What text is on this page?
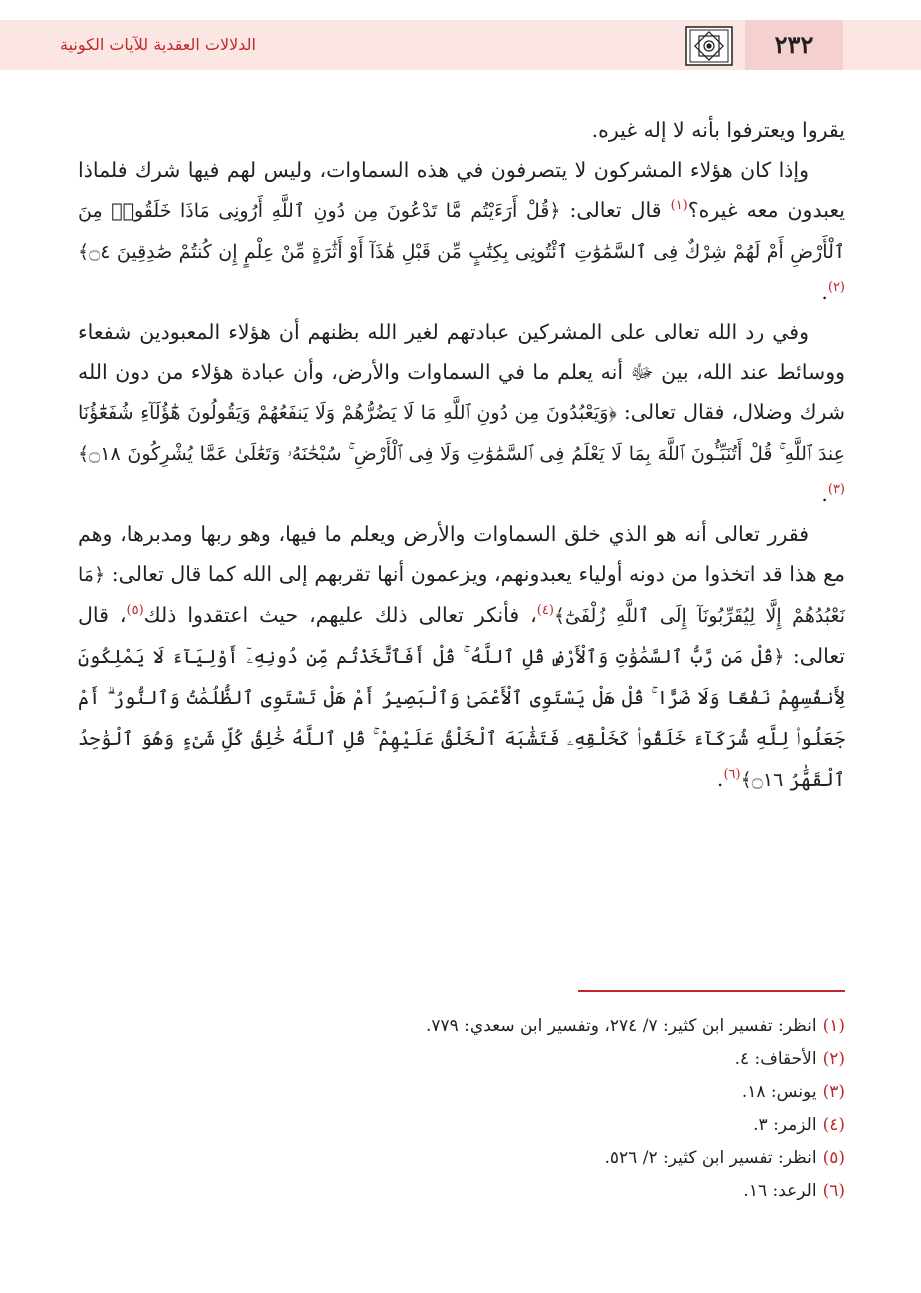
٢٣٢
الدلالات العقدية للآيات الكونية

يقروا ويعترفوا بأنه لا إله غيره.

وإذا كان هؤلاء المشركون لا يتصرفون في هذه السماوات، وليس لهم فيها شرك فلماذا يعبدون معه غيره؟$^{(١)}$ قال تعالى: ﴿قُلْ أَرَءَيْتُم مَّا تَدْعُونَ مِن دُونِ ٱللَّهِ أَرُونِى مَاذَا خَلَقُوا۟ مِنَ ٱلْأَرْضِ أَمْ لَهُمْ شِرْكٌ فِى ٱلسَّمَٰوَٰتِ ٱئْتُونِى بِكِتَٰبٍ مِّن قَبْلِ هَٰذَآ أَوْ أَثَٰرَةٍ مِّنْ عِلْمٍ إِن كُنتُمْ صَٰدِقِينَ ۝٤﴾$^{(٢)}$.

وفي رد الله تعالى على المشركين عبادتهم لغير الله بظنهم أن هؤلاء المعبودين شفعاء ووسائط عند الله، بين ﷻ أنه يعلم ما في السماوات والأرض، وأن عبادة هؤلاء من دون الله شرك وضلال، فقال تعالى: ﴿وَيَعْبُدُونَ مِن دُونِ ٱللَّهِ مَا لَا يَضُرُّهُمْ وَلَا يَنفَعُهُمْ وَيَقُولُونَ هَٰٓؤُلَآءِ شُفَعَٰٓؤُنَا عِندَ ٱللَّهِ ۚ قُلْ أَتُنَبِّـُٔونَ ٱللَّهَ بِمَا لَا يَعْلَمُ فِى ٱلسَّمَٰوَٰتِ وَلَا فِى ٱلْأَرْضِ ۚ سُبْحَٰنَهُۥ وَتَعَٰلَىٰ عَمَّا يُشْرِكُونَ ۝١٨﴾$^{(٣)}$.

فقرر تعالى أنه هو الذي خلق السماوات والأرض ويعلم ما فيها، وهو ربها ومدبرها، وهم مع هذا قد اتخذوا من دونه أولياء يعبدونهم، ويزعمون أنها تقربهم إلى الله كما قال تعالى: ﴿مَا نَعْبُدُهُمْ إِلَّا لِيُقَرِّبُونَآ إِلَى ٱللَّهِ زُلْفَىٰٓ﴾$^{(٤)}$، فأنكر تعالى ذلك عليهم، حيث اعتقدوا ذلك$^{(٥)}$، قال تعالى: ﴿قُلْ مَن رَّبُّ ٱلسَّمَٰوَٰتِ وَٱلْأَرْضِ قُلِ ٱللَّهُ ۚ قُلْ أَفَٱتَّخَذْتُم مِّن دُونِهِۦٓ أَوْلِيَآءَ لَا يَمْلِكُونَ لِأَنفُسِهِمْ نَفْعًا وَلَا ضَرًّا ۚ قُلْ هَلْ يَسْتَوِى ٱلْأَعْمَىٰ وَٱلْبَصِيرُ أَمْ هَلْ تَسْتَوِى ٱلظُّلُمَٰتُ وَٱلنُّورُ ۗ أَمْ جَعَلُوا۟ لِلَّهِ شُرَكَآءَ خَلَقُوا۟ كَخَلْقِهِۦ فَتَشَٰبَهَ ٱلْخَلْقُ عَلَيْهِمْ ۚ قُلِ ٱللَّهُ خَٰلِقُ كُلِّ شَىْءٍ وَهُوَ ٱلْوَٰحِدُ ٱلْقَهَّٰرُ ۝١٦﴾$^{(٦)}$.

(١)انظر: تفسير ابن كثير: ٧/ ٢٧٤، وتفسير ابن سعدي: ٧٧٩.
(٢)الأحقاف: ٤.
(٣)يونس: ١٨.
(٤)الزمر: ٣.
(٥)انظر: تفسير ابن كثير: ٢/ ٥٢٦.
(٦)الرعد: ١٦.
